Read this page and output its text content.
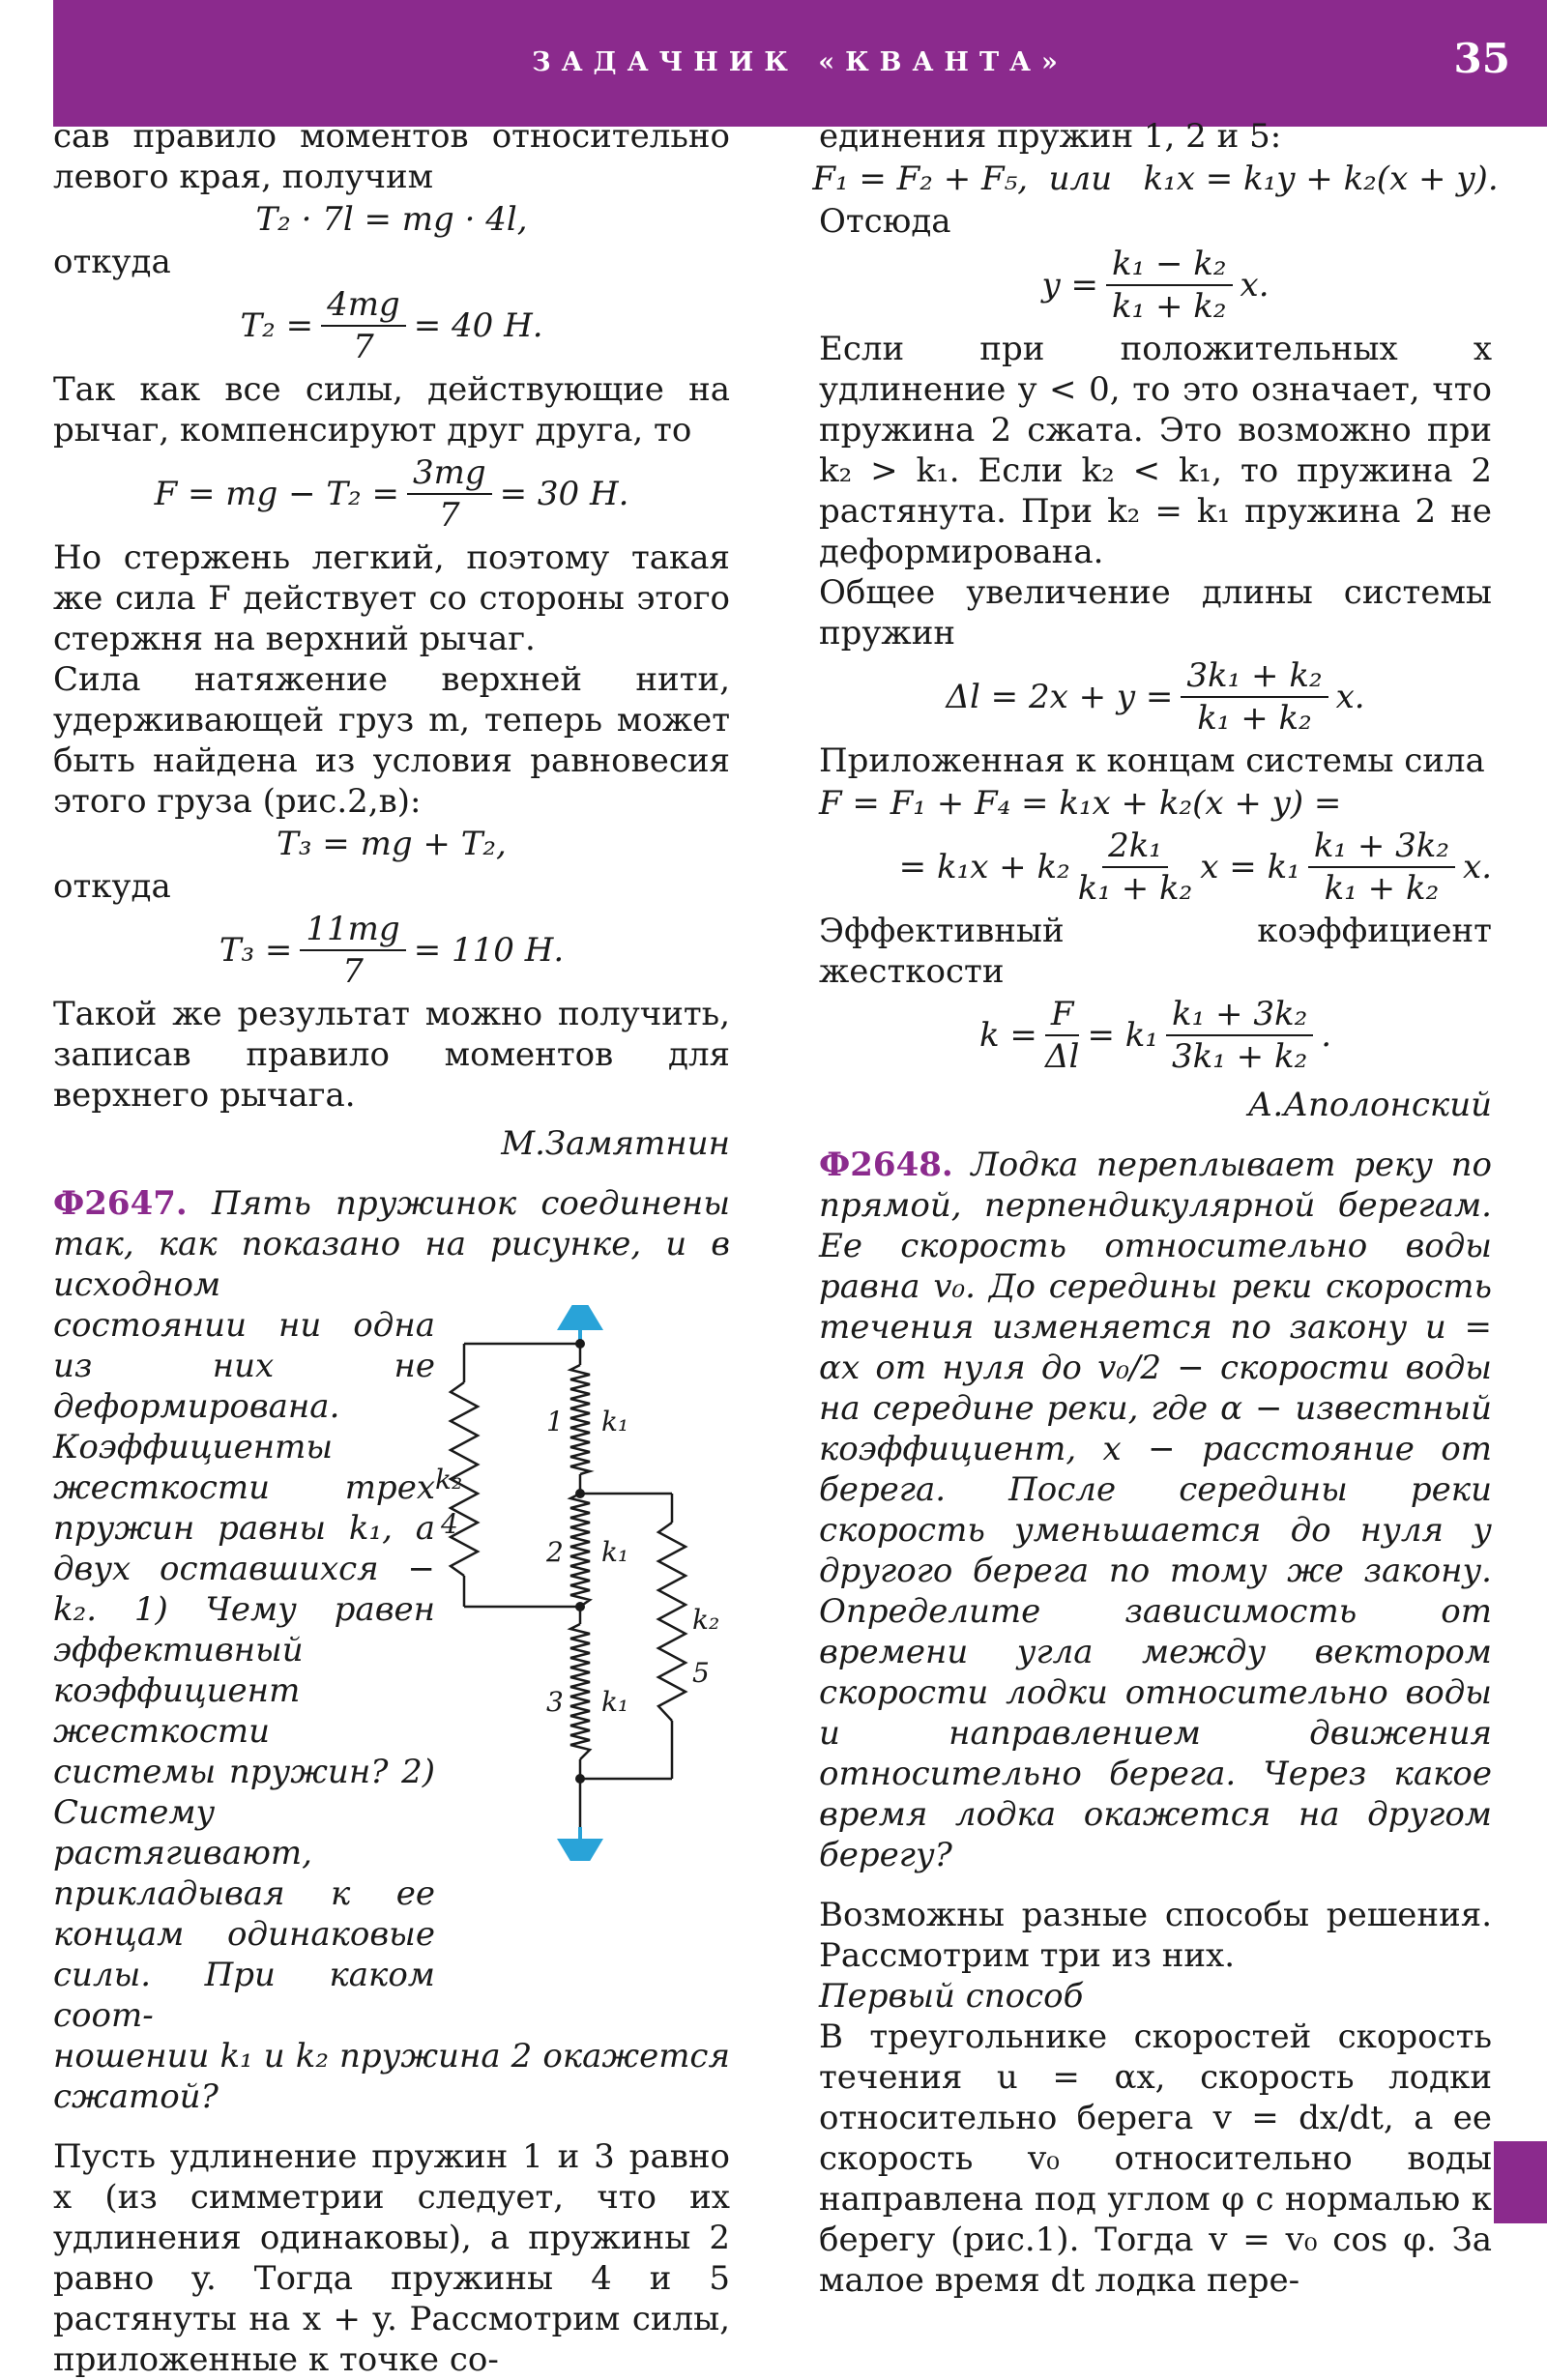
ЗАДАЧНИК «КВАНТА»	35

сав правило моментов относительно левого края, получим

T₂ · 7l = mg · 4l,

откуда

$T_2 = \frac{4mg}{7} = 40$ Н.

Так как все силы, действующие на рычаг, компенсируют друг друга, то

F = mg − $T_2 = \frac{3mg}{7} = 30$ Н.

Но стержень легкий, поэтому такая же сила F действует со стороны этого стержня на верхний рычаг.

Сила натяжение верхней нити, удерживающей груз m, теперь может быть найдена из условия равновесия этого груза (рис.2,в):

T₃ = mg + T₂,

откуда

$T_3 = \frac{11mg}{7} = 110$ Н.

Такой же результат можно получить, записав правило моментов для верхнего рычага.

М.Замятнин

Ф2647. Пять пружинок соединены так, как показано на рисунке, и в исходном

состоянии ни одна из них не деформирована. Коэффициенты жесткости трех пружин равны k₁, а двух оставшихся − k₂. 1) Чему равен эффективный коэффициент жесткости системы пружин? 2) Систему растягивают, прикладывая к ее концам одинаковые силы. При каком соот-

1 k₁
2 k₁
3 k₁
k₂
4
k₂
5

ношении k₁ и k₂ пружина 2 окажется сжатой?

Пусть удлинение пружин 1 и 3 равно x (из симметрии следует, что их удлинения одинаковы), а пружины 2 равно y. Тогда пружины 4 и 5 растянуты на x + y. Рассмотрим силы, приложенные к точке со-

единения пружин 1, 2 и 5:

F₁ = F₂ + F₅,  или   k₁x = k₁y + k₂(x + y).

Отсюда

$y = \frac{\text{k₁ − k₂}}{\text{k₁ + k₂}} x$.

Если при положительных x удлинение y < 0, то это означает, что пружина 2 сжата. Это возможно при k₂ > k₁. Если k₂ < k₁, то пружина 2 растянута. При k₂ = k₁ пружина 2 не деформирована.

Общее увеличение длины системы пружин

$\Delta l = 2x + y = \frac{\text{3k₁ + k₂}}{\text{k₁ + k₂}} x$.

Приложенная к концам системы сила

F = F₁ + F₄ = k₁x + k₂(x + y) =
= $k_1x + k_2 \frac{\text{2k₁}}{\text{k₁ + k₂}}$ $x = k_1 \frac{\text{k₁ + 3k₂}}{\text{k₁ + k₂}} x$.

Эффективный коэффициент жесткости

$k = \frac{F}{\Delta l} = k_1 \frac{\text{k₁ + 3k₂}}{\text{3k₁ + k₂}}$ .
А.Аполонский

Ф2648. Лодка переплывает реку по прямой, перпендикулярной берегам. Ее скорость относительно воды равна v₀. До середины реки скорость течения изменяется по закону u = αx от нуля до v₀/2 − скорости воды на середине реки, где α − известный коэффициент, x − расстояние от берега. После середины реки скорость уменьшается до нуля у другого берега по тому же закону. Определите зависимость от времени угла между вектором скорости лодки относительно воды и направлением движения относительно берега. Через какое время лодка окажется на другом берегу?

Возможны разные способы решения. Рассмотрим три из них.

Первый способ

В треугольнике скоростей скорость течения u = αx, скорость лодки относительно берега v = dx/dt, а ее скорость v₀ относительно воды направлена под углом φ с нормалью к берегу (рис.1). Тогда v = v₀ cos φ. За малое время dt лодка пере-
